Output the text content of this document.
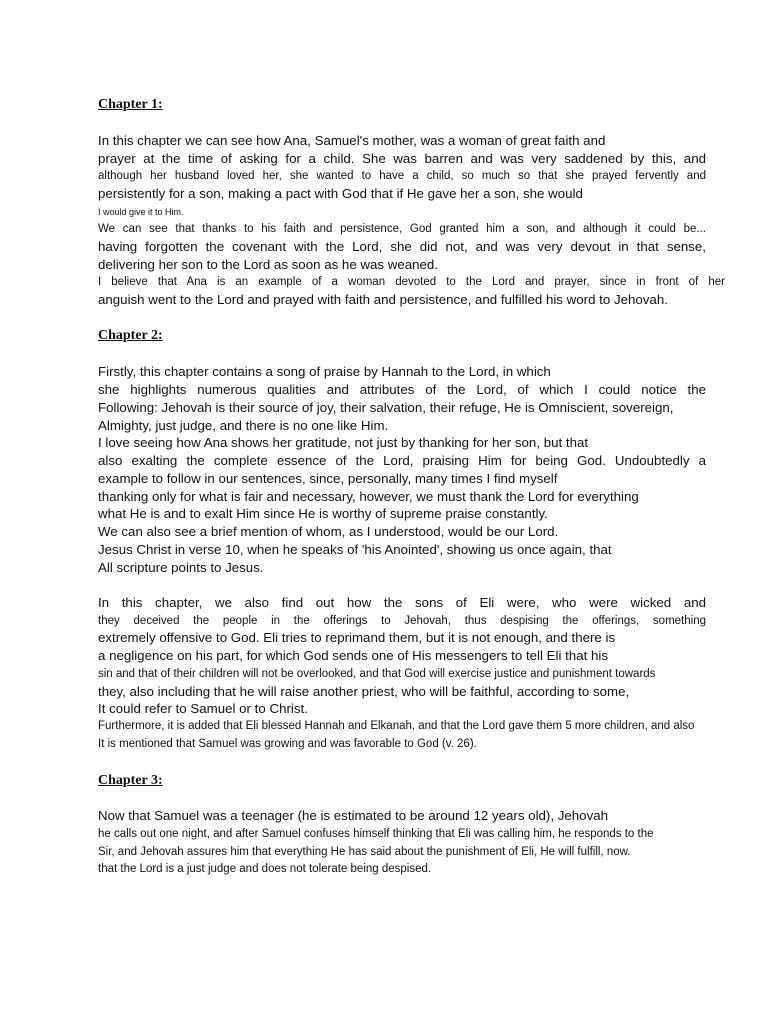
Chapter 1:
In this chapter we can see how Ana, Samuel's mother, was a woman of great faith and
prayer at the time of asking for a child. She was barren and was very saddened by this, and
although her husband loved her, she wanted to have a child, so much so that she prayed fervently and
persistently for a son, making a pact with God that if He gave her a son, she would
I would give it to Him.
We can see that thanks to his faith and persistence, God granted him a son, and although it could be...
having forgotten the covenant with the Lord, she did not, and was very devout in that sense,
delivering her son to the Lord as soon as he was weaned.
I believe that Ana is an example of a woman devoted to the Lord and prayer, since in front of her
anguish went to the Lord and prayed with faith and persistence, and fulfilled his word to Jehovah.
Chapter 2:
Firstly, this chapter contains a song of praise by Hannah to the Lord, in which
she highlights numerous qualities and attributes of the Lord, of which I could notice the
Following: Jehovah is their source of joy, their salvation, their refuge, He is Omniscient, sovereign,
Almighty, just judge, and there is no one like Him.
I love seeing how Ana shows her gratitude, not just by thanking for her son, but that
also exalting the complete essence of the Lord, praising Him for being God. Undoubtedly a
example to follow in our sentences, since, personally, many times I find myself
thanking only for what is fair and necessary, however, we must thank the Lord for everything
what He is and to exalt Him since He is worthy of supreme praise constantly.
We can also see a brief mention of whom, as I understood, would be our Lord.
Jesus Christ in verse 10, when he speaks of 'his Anointed', showing us once again, that
All scripture points to Jesus.
In this chapter, we also find out how the sons of Eli were, who were wicked and
they deceived the people in the offerings to Jehovah, thus despising the offerings, something
extremely offensive to God. Eli tries to reprimand them, but it is not enough, and there is
a negligence on his part, for which God sends one of His messengers to tell Eli that his
sin and that of their children will not be overlooked, and that God will exercise justice and punishment towards
they, also including that he will raise another priest, who will be faithful, according to some,
It could refer to Samuel or to Christ.
Furthermore, it is added that Eli blessed Hannah and Elkanah, and that the Lord gave them 5 more children, and also
It is mentioned that Samuel was growing and was favorable to God (v. 26).
Chapter 3:
Now that Samuel was a teenager (he is estimated to be around 12 years old), Jehovah
he calls out one night, and after Samuel confuses himself thinking that Eli was calling him, he responds to the
Sir, and Jehovah assures him that everything He has said about the punishment of Eli, He will fulfill, now.
that the Lord is a just judge and does not tolerate being despised.
